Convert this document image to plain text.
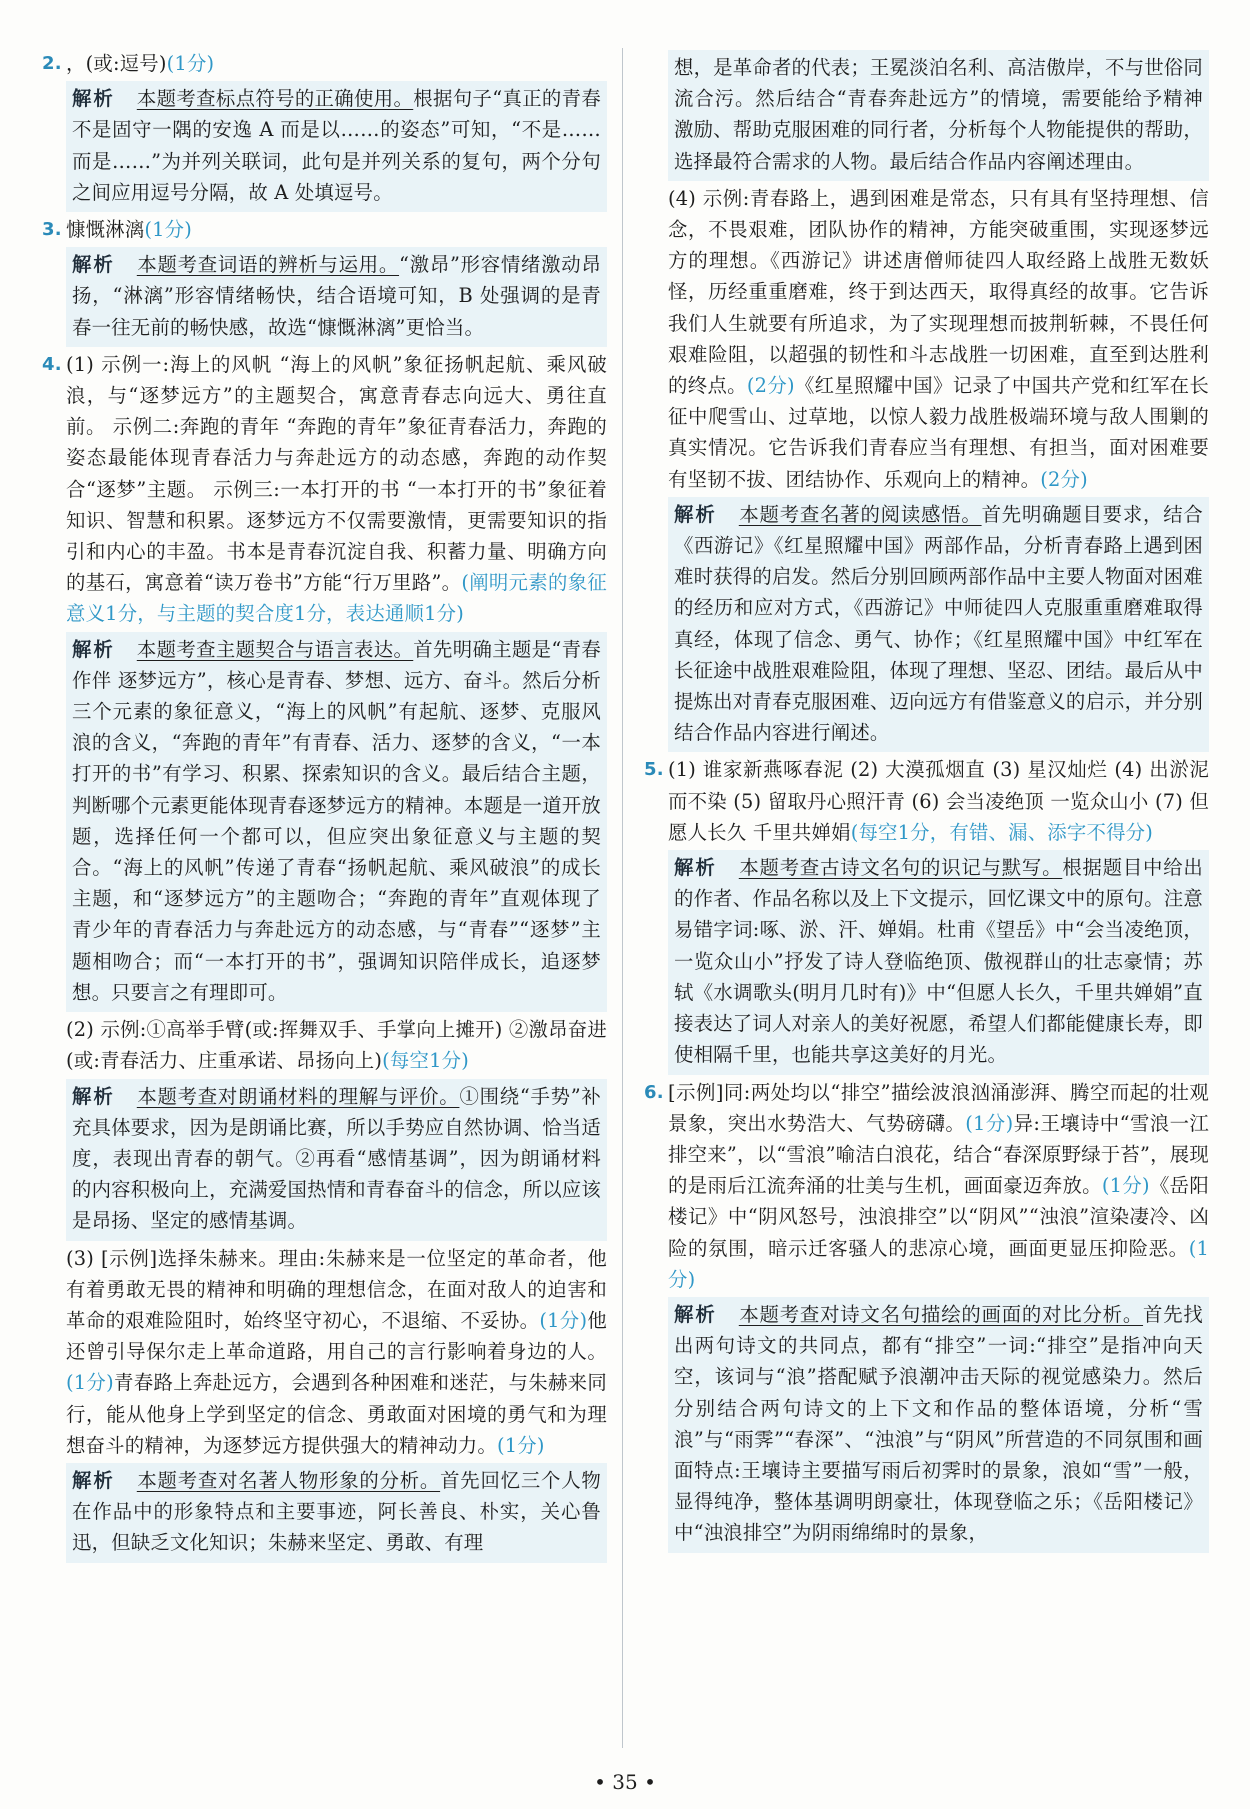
2. ，(或:逗号)(1分)

解析 本题考查标点符号的正确使用。根据句子“真正的青春不是固守一隅的安逸 A 而是以……的姿态”可知，“不是……而是……”为并列关联词，此句是并列关系的复句，两个分句之间应用逗号分隔，故 A 处填逗号。
3. 慷慨淋漓(1分)

解析 本题考查词语的辨析与运用。“激昂”形容情绪激动昂扬，“淋漓”形容情绪畅快，结合语境可知，B 处强调的是青春一往无前的畅快感，故选“慷慨淋漓”更恰当。
4. (1) 示例一:海上的风帆 “海上的风帆”象征扬帆起航、乘风破浪，与“逐梦远方”的主题契合，寓意青春志向远大、勇往直前。 示例二:奔跑的青年 “奔跑的青年”象征青春活力，奔跑的姿态最能体现青春活力与奔赴远方的动态感，奔跑的动作契合“逐梦”主题。 示例三:一本打开的书 “一本打开的书”象征着知识、智慧和积累。逐梦远方不仅需要激情，更需要知识的指引和内心的丰盈。书本是青春沉淀自我、积蓄力量、明确方向的基石，寓意着“读万卷书”方能“行万里路”。(阐明元素的象征意义1分，与主题的契合度1分，表达通顺1分)

解析 本题考查主题契合与语言表达。首先明确主题是“青春作伴 逐梦远方”，核心是青春、梦想、远方、奋斗。然后分析三个元素的象征意义，“海上的风帆”有起航、逐梦、克服风浪的含义，“奔跑的青年”有青春、活力、逐梦的含义，“一本打开的书”有学习、积累、探索知识的含义。最后结合主题，判断哪个元素更能体现青春逐梦远方的精神。本题是一道开放题，选择任何一个都可以，但应突出象征意义与主题的契合。“海上的风帆”传递了青春“扬帆起航、乘风破浪”的成长主题，和“逐梦远方”的主题吻合；“奔跑的青年”直观体现了青少年的青春活力与奔赴远方的动态感，与“青春”“逐梦”主题相吻合；而“一本打开的书”，强调知识陪伴成长，追逐梦想。只要言之有理即可。

(2) 示例:①高举手臂(或:挥舞双手、手掌向上摊开) ②激昂奋进(或:青春活力、庄重承诺、昂扬向上)(每空1分)

解析 本题考查对朗诵材料的理解与评价。①围绕“手势”补充具体要求，因为是朗诵比赛，所以手势应自然协调、恰当适度，表现出青春的朝气。②再看“感情基调”，因为朗诵材料的内容积极向上，充满爱国热情和青春奋斗的信念，所以应该是昂扬、坚定的感情基调。

(3) [示例]选择朱赫来。理由:朱赫来是一位坚定的革命者，他有着勇敢无畏的精神和明确的理想信念，在面对敌人的迫害和革命的艰难险阻时，始终坚守初心，不退缩、不妥协。(1分)他还曾引导保尔走上革命道路，用自己的言行影响着身边的人。(1分)青春路上奔赴远方，会遇到各种困难和迷茫，与朱赫来同行，能从他身上学到坚定的信念、勇敢面对困境的勇气和为理想奋斗的精神，为逐梦远方提供强大的精神动力。(1分)

解析 本题考查对名著人物形象的分析。首先回忆三个人物在作品中的形象特点和主要事迹，阿长善良、朴实，关心鲁迅，但缺乏文化知识；朱赫来坚定、勇敢、有理
想，是革命者的代表；王冕淡泊名利、高洁傲岸，不与世俗同流合污。然后结合“青春奔赴远方”的情境，需要能给予精神激励、帮助克服困难的同行者，分析每个人物能提供的帮助，选择最符合需求的人物。最后结合作品内容阐述理由。

(4) 示例:青春路上，遇到困难是常态，只有具有坚持理想、信念，不畏艰难，团队协作的精神，方能突破重围，实现逐梦远方的理想。《西游记》讲述唐僧师徒四人取经路上战胜无数妖怪，历经重重磨难，终于到达西天，取得真经的故事。它告诉我们人生就要有所追求，为了实现理想而披荆斩棘，不畏任何艰难险阻，以超强的韧性和斗志战胜一切困难，直至到达胜利的终点。(2分)《红星照耀中国》记录了中国共产党和红军在长征中爬雪山、过草地，以惊人毅力战胜极端环境与敌人围剿的真实情况。它告诉我们青春应当有理想、有担当，面对困难要有坚韧不拔、团结协作、乐观向上的精神。(2分)

解析 本题考查名著的阅读感悟。首先明确题目要求，结合《西游记》《红星照耀中国》两部作品，分析青春路上遇到困难时获得的启发。然后分别回顾两部作品中主要人物面对困难的经历和应对方式，《西游记》中师徒四人克服重重磨难取得真经，体现了信念、勇气、协作；《红星照耀中国》中红军在长征途中战胜艰难险阻，体现了理想、坚忍、团结。最后从中提炼出对青春克服困难、迈向远方有借鉴意义的启示，并分别结合作品内容进行阐述。
5. (1) 谁家新燕啄春泥 (2) 大漠孤烟直 (3) 星汉灿烂 (4) 出淤泥而不染 (5) 留取丹心照汗青 (6) 会当凌绝顶 一览众山小 (7) 但愿人长久 千里共婵娟(每空1分，有错、漏、添字不得分)

解析 本题考查古诗文名句的识记与默写。根据题目中给出的作者、作品名称以及上下文提示，回忆课文中的原句。注意易错字词:啄、淤、汗、婵娟。杜甫《望岳》中“会当凌绝顶，一览众山小”抒发了诗人登临绝顶、傲视群山的壮志豪情；苏轼《水调歌头(明月几时有)》中“但愿人长久，千里共婵娟”直接表达了词人对亲人的美好祝愿，希望人们都能健康长寿，即使相隔千里，也能共享这美好的月光。
6. [示例]同:两处均以“排空”描绘波浪汹涌澎湃、腾空而起的壮观景象，突出水势浩大、气势磅礴。(1分)异:王壤诗中“雪浪一江排空来”，以“雪浪”喻洁白浪花，结合“春深原野绿于苔”，展现的是雨后江流奔涌的壮美与生机，画面豪迈奔放。(1分)《岳阳楼记》中“阴风怒号，浊浪排空”以“阴风”“浊浪”渲染凄冷、凶险的氛围，暗示迁客骚人的悲凉心境，画面更显压抑险恶。(1分)

解析 本题考查对诗文名句描绘的画面的对比分析。首先找出两句诗文的共同点，都有“排空”一词:“排空”是指冲向天空，该词与“浪”搭配赋予浪潮冲击天际的视觉感染力。然后分别结合两句诗文的上下文和作品的整体语境，分析“雪浪”与“雨霁”“春深”、“浊浪”与“阴风”所营造的不同氛围和画面特点:王壤诗主要描写雨后初霁时的景象，浪如“雪”一般，显得纯净，整体基调明朗豪壮，体现登临之乐；《岳阳楼记》中“浊浪排空”为阴雨绵绵时的景象，
• 35 •
